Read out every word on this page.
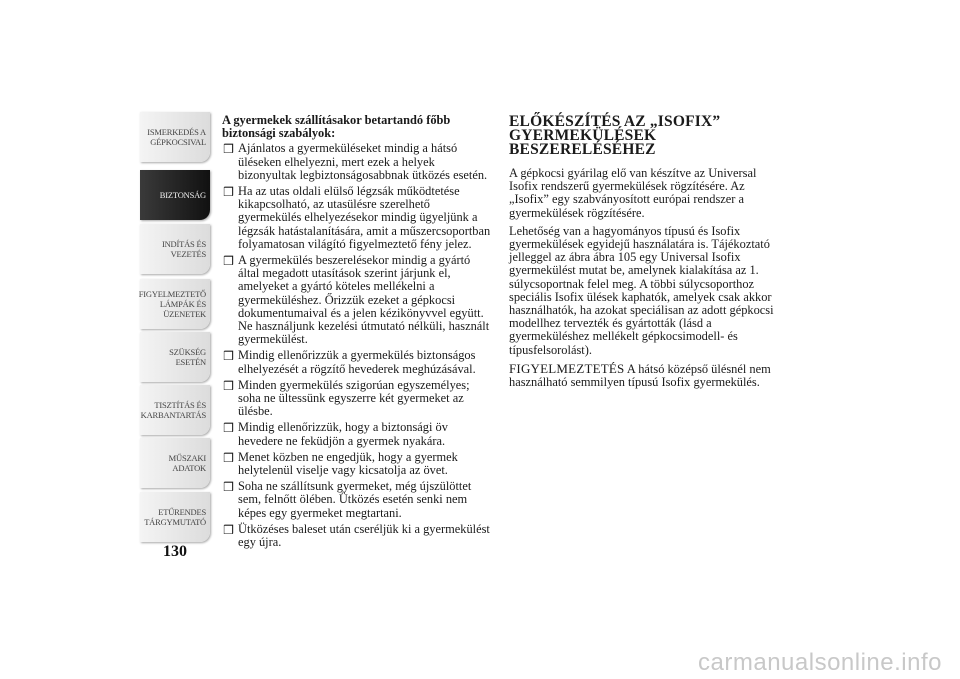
ISMERKEDÉS A
GÉPKOCSIVAL
BIZTONSÁG
INDÍTÁS ÉS
VEZETÉS
FIGYELMEZTETŐ
LÁMPÁK ÉS
ÜZENETEK
SZÜKSÉG ESETÉN
TISZTÍTÁS ÉS
KARBANTARTÁS
MŰSZAKI ADATOK
ETŰRENDES
TÁRGYMUTATÓ
130

A gyermekek szállításakor betartandó főbb biztonsági szabályok:

❒ Ajánlatos a gyermeküléseket mindig a hátsó üléseken elhelyezni, mert ezek a helyek bizonyultak legbiztonságosabbnak ütközés esetén.
❒ Ha az utas oldali elülső légzsák működtetése kikapcsolható, az utasülésre szerelhető gyermekülés elhelyezésekor mindig ügyeljünk a légzsák hatástalanítására, amit a műszercsoportban folyamatosan világító figyelmeztető fény jelez.
❒ A gyermekülés beszerelésekor mindig a gyártó által megadott utasítások szerint járjunk el, amelyeket a gyártó köteles mellékelni a gyermeküléshez. Őrizzük ezeket a gépkocsi dokumentumaival és a jelen kézikönyvvel együtt. Ne használjunk kezelési útmutató nélküli, használt gyermekülést.
❒ Mindig ellenőrizzük a gyermekülés biztonságos elhelyezését a rögzítő hevederek meghúzásával.
❒ Minden gyermekülés szigorúan egyszemélyes; soha ne ültessünk egyszerre két gyermeket az ülésbe.
❒ Mindig ellenőrizzük, hogy a biztonsági öv hevedere ne feküdjön a gyermek nyakára.
❒ Menet közben ne engedjük, hogy a gyermek helytelenül viselje vagy kicsatolja az övet.
❒ Soha ne szállítsunk gyermeket, még újszülöttet sem, felnőtt ölében. Ütközés esetén senki nem képes egy gyermeket megtartani.
❒ Ütközéses baleset után cseréljük ki a gyermekülést egy újra.
ELŐKÉSZÍTÉS AZ „ISOFIX” GYERMEKÜLÉSEK BESZERELÉSÉHEZ

A gépkocsi gyárilag elő van készítve az Universal Isofix rendszerű gyermekülések rögzítésére. Az „Isofix” egy szabványosított európai rendszer a gyermekülések rögzítésére.

Lehetőség van a hagyományos típusú és Isofix gyermekülések egyidejű használatára is. Tájékoztató jelleggel az ábra ábra 105 egy Universal Isofix gyermekülést mutat be, amelynek kialakítása az 1. súlycsoportnak felel meg. A többi súlycsoporthoz speciális Isofix ülések kaphatók, amelyek csak akkor használhatók, ha azokat speciálisan az adott gépkocsi modellhez tervezték és gyártották (lásd a gyermeküléshez mellékelt gépkocsimodell- és típusfelsorolást).

FIGYELMEZTETÉS A hátsó középső ülésnél nem használható semmilyen típusú Isofix gyermekülés.

carmanualsonline.info
